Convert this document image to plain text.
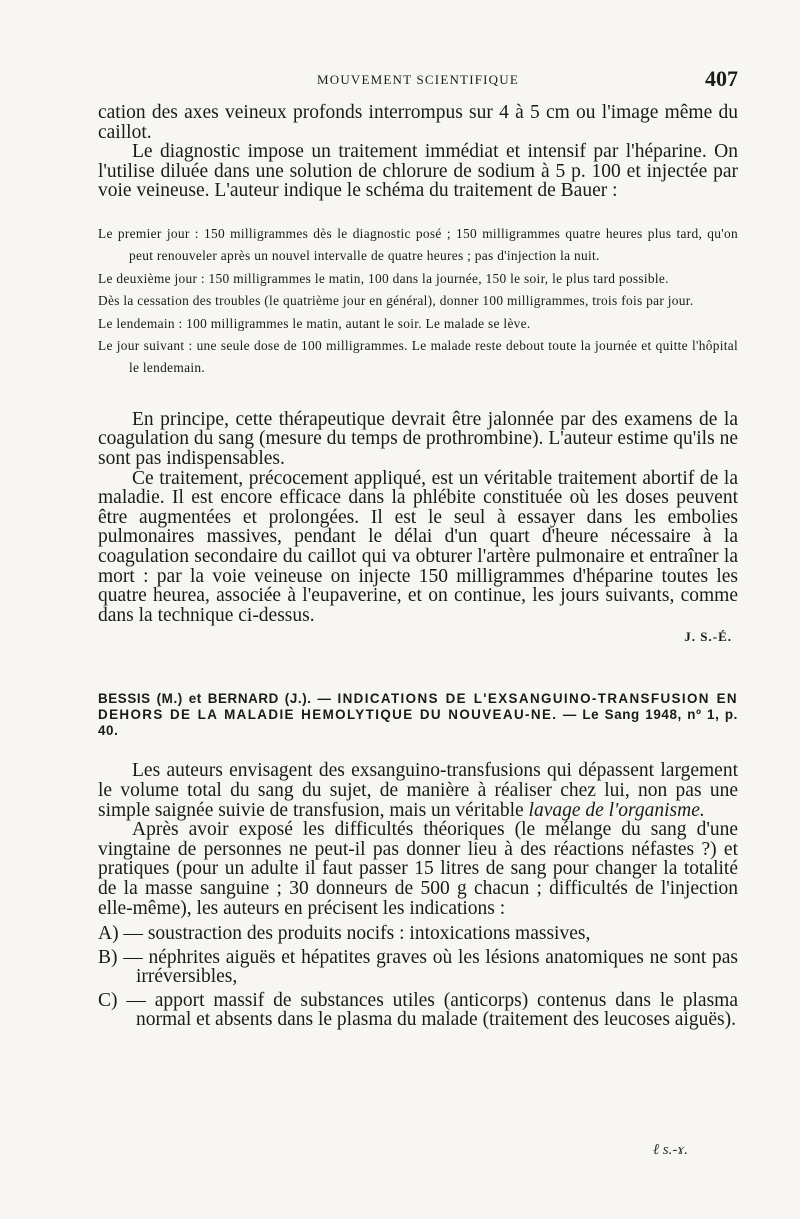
MOUVEMENT SCIENTIFIQUE	407

cation des axes veineux profonds interrompus sur 4 à 5 cm ou l'image même du caillot.

Le diagnostic impose un traitement immédiat et intensif par l'héparine. On l'utilise diluée dans une solution de chlorure de sodium à 5 p. 100 et injectée par voie veineuse. L'auteur indique le schéma du traitement de Bauer :

Le premier jour : 150 milligrammes dès le diagnostic posé ; 150 milligrammes quatre heures plus tard, qu'on peut renouveler après un nouvel intervalle de quatre heures ; pas d'injection la nuit.

Le deuxième jour : 150 milligrammes le matin, 100 dans la journée, 150 le soir, le plus tard possible.

Dès la cessation des troubles (le quatrième jour en général), donner 100 milligrammes, trois fois par jour.

Le lendemain : 100 milligrammes le matin, autant le soir. Le malade se lève.

Le jour suivant : une seule dose de 100 milligrammes. Le malade reste debout toute la journée et quitte l'hôpital le lendemain.

En principe, cette thérapeutique devrait être jalonnée par des examens de la coagulation du sang (mesure du temps de prothrombine). L'auteur estime qu'ils ne sont pas indispensables.

Ce traitement, précocement appliqué, est un véritable traitement abortif de la maladie. Il est encore efficace dans la phlébite constituée où les doses peuvent être augmentées et prolongées. Il est le seul à essayer dans les embolies pulmonaires massives, pendant le délai d'un quart d'heure nécessaire à la coagulation secondaire du caillot qui va obturer l'artère pulmonaire et entraîner la mort : par la voie veineuse on injecte 150 milligrammes d'héparine toutes les quatre heurea, associée à l'eupaverine, et on continue, les jours suivants, comme dans la technique ci-dessus.

J. S.-É.
BESSIS (M.) et BERNARD (J.). — INDICATIONS DE L'EXSANGUINO-TRANSFUSION EN DEHORS DE LA MALADIE HEMOLYTIQUE DU NOUVEAU-NE. — Le Sang 1948, nº 1, p. 40.

Les auteurs envisagent des exsanguino-transfusions qui dépassent largement le volume total du sang du sujet, de manière à réaliser chez lui, non pas une simple saignée suivie de transfusion, mais un véritable lavage de l'organisme.

Après avoir exposé les difficultés théoriques (le mélange du sang d'une vingtaine de personnes ne peut-il pas donner lieu à des réactions néfastes ?) et pratiques (pour un adulte il faut passer 15 litres de sang pour changer la totalité de la masse sanguine ; 30 donneurs de 500 g chacun ; difficultés de l'injection elle-même), les auteurs en précisent les indications :

A) — soustraction des produits nocifs : intoxications massives,
B) — néphrites aiguës et hépatites graves où les lésions anatomiques ne sont pas irréversibles,
C) — apport massif de substances utiles (anticorps) contenus dans le plasma normal et absents dans le plasma du malade (traitement des leucoses aiguës).
ℓ s.-ɤ.
